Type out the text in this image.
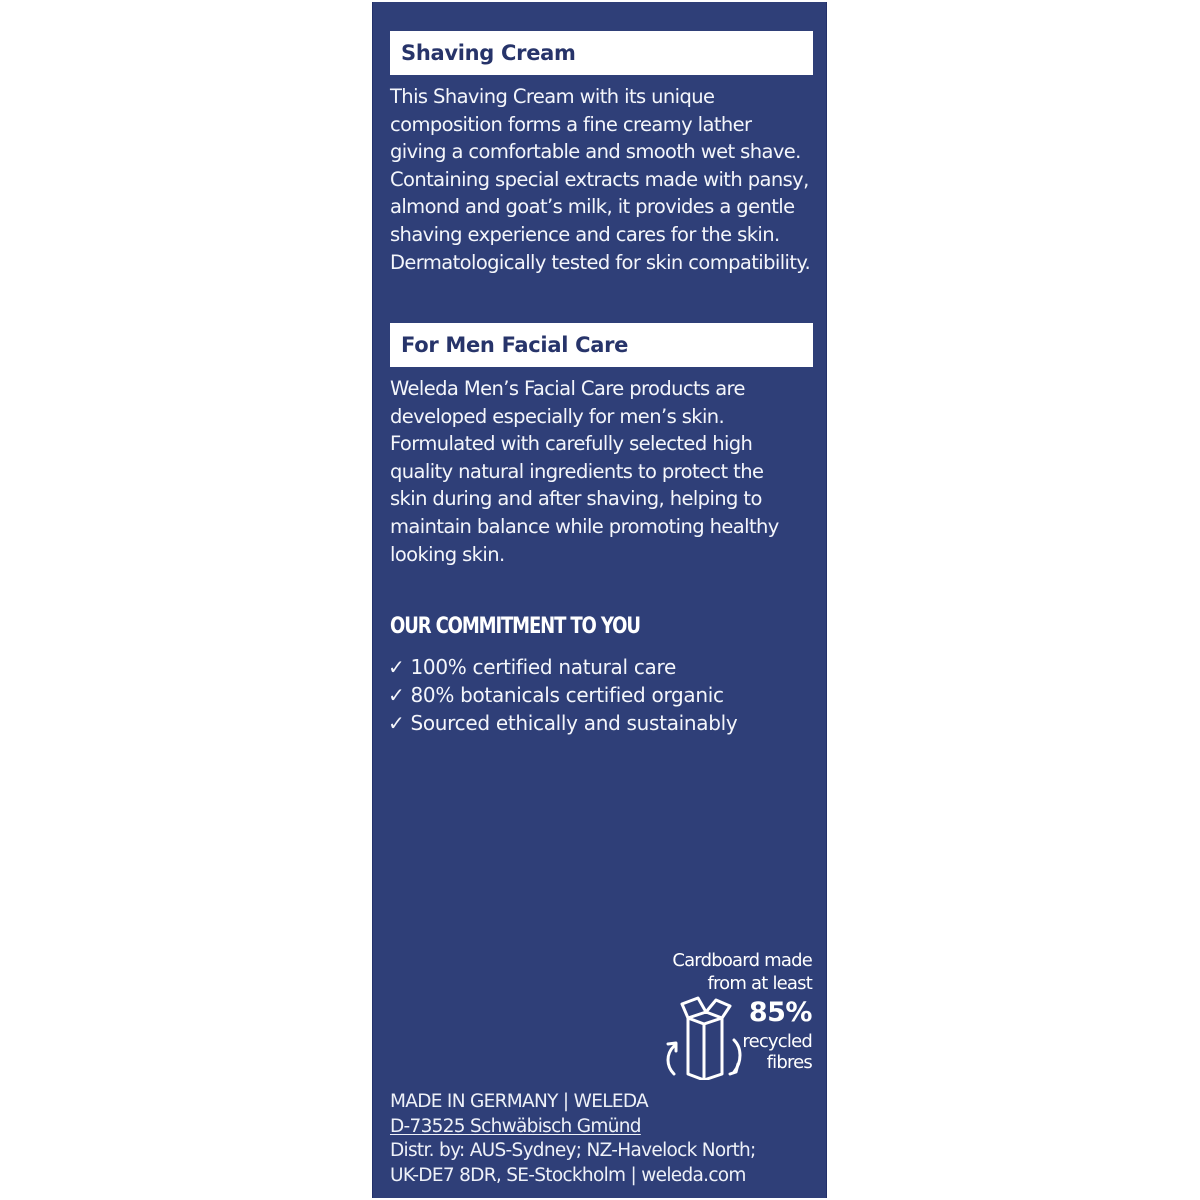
Shaving Cream

This Shaving Cream with its unique
composition forms a fine creamy lather
giving a comfortable and smooth wet shave.
Containing special extracts made with pansy,
almond and goat’s milk, it provides a gentle
shaving experience and cares for the skin.
Dermatologically tested for skin compatibility.

For Men Facial Care

Weleda Men’s Facial Care products are
developed especially for men’s skin.
Formulated with carefully selected high
quality natural ingredients to protect the
skin during and after shaving, helping to
maintain balance while promoting healthy
looking skin.

OUR COMMITMENT TO YOU
✓ 100% certified natural care
✓ 80% botanicals certified organic
✓ Sourced ethically and sustainably
Cardboard made
from at least
85%
recycled
fibres
MADE IN GERMANY | WELEDA
D-73525 Schwäbisch Gmünd
Distr. by: AUS-Sydney; NZ-Havelock North;
UK-DE7 8DR, SE-Stockholm | weleda.com
